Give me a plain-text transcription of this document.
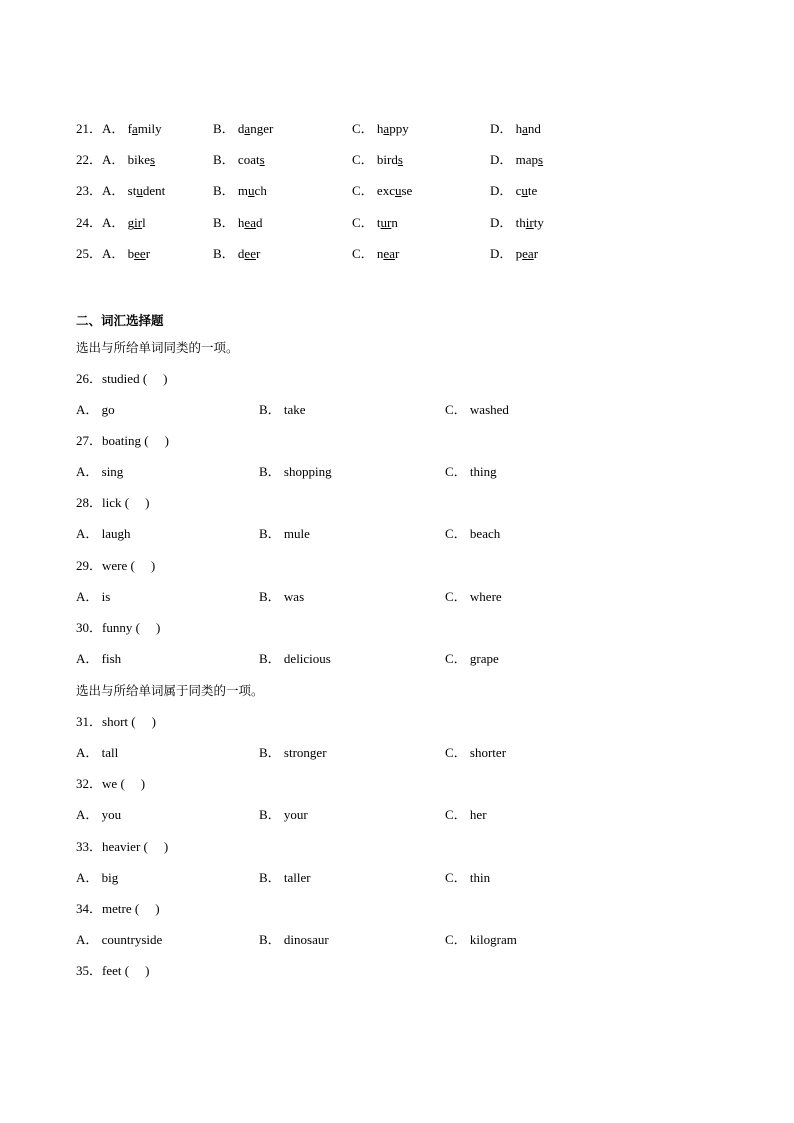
21． A． family	B． danger	C． happy	D． hand
22． A． bikes	B． coats	C． birds	D． maps
23． A． student	B． much	C． excuse	D． cute
24． A． girl	B． head	C． turn	D． thirty
25． A． beer	B． deer	C． near	D． pear
二、词汇选择题
选出与所给单词同类的一项。
26．studied ( )
A． go	B． take	C． washed
27．boating ( )
A． sing	B． shopping	C． thing
28．lick ( )
A． laugh	B． mule	C． beach
29．were ( )
A． is	B． was	C． where
30．funny ( )
A． fish	B． delicious	C． grape
31．short ( )
A． tall	B． stronger	C． shorter
32．we ( )
A． you	B． your	C． her
33．heavier ( )
A． big	B． taller	C． thin
34．metre ( )
A． countryside	B． dinosaur	C． kilogram
35．feet ( )
选出与所给单词属于同类的一项。
